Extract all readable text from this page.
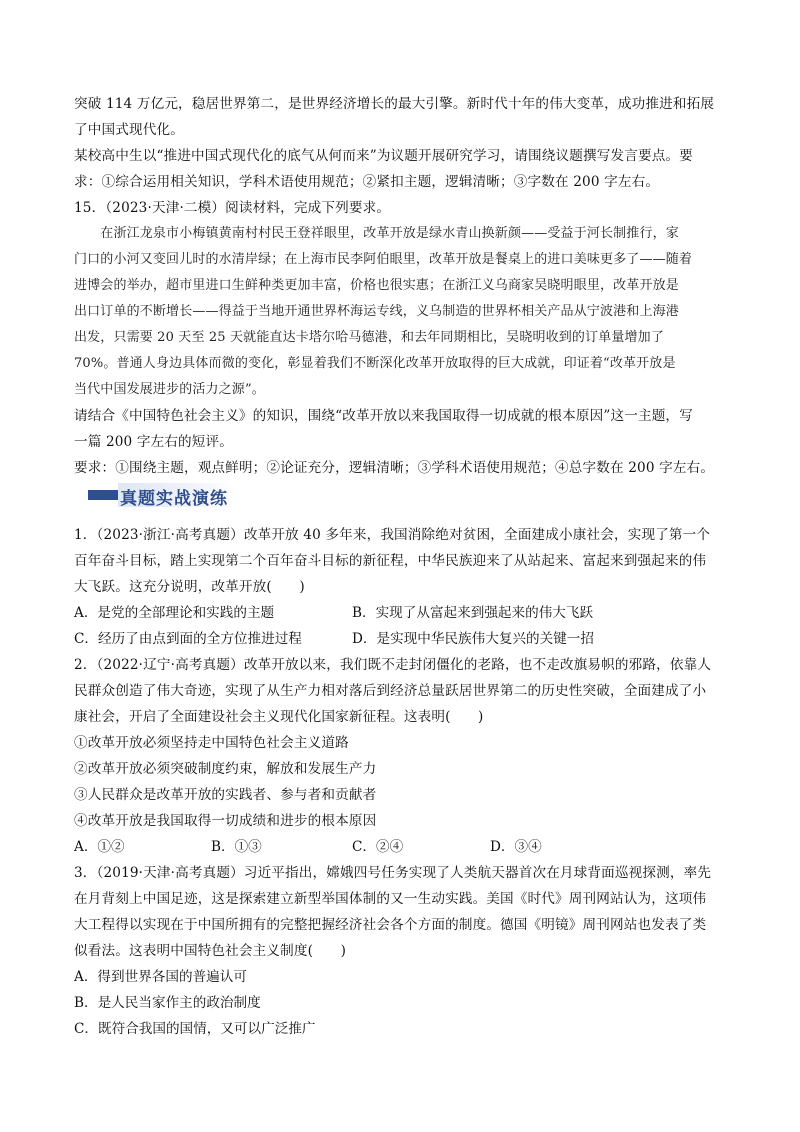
突破 114 万亿元，稳居世界第二，是世界经济增长的最大引擎。新时代十年的伟大变革，成功推进和拓展
了中国式现代化。
某校高中生以“推进中国式现代化的底气从何而来”为议题开展研究学习，请围绕议题撰写发言要点。要
求：①综合运用相关知识，学科术语使用规范；②紧扣主题，逻辑清晰；③字数在 200 字左右。
15．（2023·天津·二模）阅读材料，完成下列要求。
　　在浙江龙泉市小梅镇黄南村村民王登祥眼里，改革开放是绿水青山换新颜——受益于河长制推行，家
门口的小河又变回儿时的水清岸绿；在上海市民李阿伯眼里，改革开放是餐桌上的进口美味更多了——随着
进博会的举办，超市里进口生鲜种类更加丰富，价格也很实惠；在浙江义乌商家吴晓明眼里，改革开放是
出口订单的不断增长——得益于当地开通世界杯海运专线，义乌制造的世界杯相关产品从宁波港和上海港
出发，只需要 20 天至 25 天就能直达卡塔尔哈马德港，和去年同期相比，吴晓明收到的订单量增加了
70%。普通人身边具体而微的变化，彰显着我们不断深化改革开放取得的巨大成就，印证着“改革开放是
当代中国发展进步的活力之源”。
请结合《中国特色社会主义》的知识，围绕“改革开放以来我国取得一切成就的根本原因”这一主题，写
一篇 200 字左右的短评。
要求：①围绕主题，观点鲜明；②论证充分，逻辑清晰；③学科术语使用规范；④总字数在 200 字左右。
真题实战演练
1．（2023·浙江·高考真题）改革开放 40 多年来，我国消除绝对贫困，全面建成小康社会，实现了第一个
百年奋斗目标，踏上实现第二个百年奋斗目标的新征程，中华民族迎来了从站起来、富起来到强起来的伟
大飞跃。这充分说明，改革开放(　　)
A．是党的全部理论和实践的主题	B．实现了从富起来到强起来的伟大飞跃
C．经历了由点到面的全方位推进过程	D．是实现中华民族伟大复兴的关键一招
2．（2022·辽宁·高考真题）改革开放以来，我们既不走封闭僵化的老路，也不走改旗易帜的邪路，依靠人
民群众创造了伟大奇迹，实现了从生产力相对落后到经济总量跃居世界第二的历史性突破，全面建成了小
康社会，开启了全面建设社会主义现代化国家新征程。这表明(　　)
①改革开放必须坚持走中国特色社会主义道路
②改革开放必须突破制度约束，解放和发展生产力
③人民群众是改革开放的实践者、参与者和贡献者
④改革开放是我国取得一切成绩和进步的根本原因
A．①②	B．①③	C．②④	D．③④
3．（2019·天津·高考真题）习近平指出，嫦娥四号任务实现了人类航天器首次在月球背面巡视探测，率先
在月背刻上中国足迹，这是探索建立新型举国体制的又一生动实践。美国《时代》周刊网站认为，这项伟
大工程得以实现在于中国所拥有的完整把握经济社会各个方面的制度。德国《明镜》周刊网站也发表了类
似看法。这表明中国特色社会主义制度(　　)
A．得到世界各国的普遍认可
B．是人民当家作主的政治制度
C．既符合我国的国情，又可以广泛推广
